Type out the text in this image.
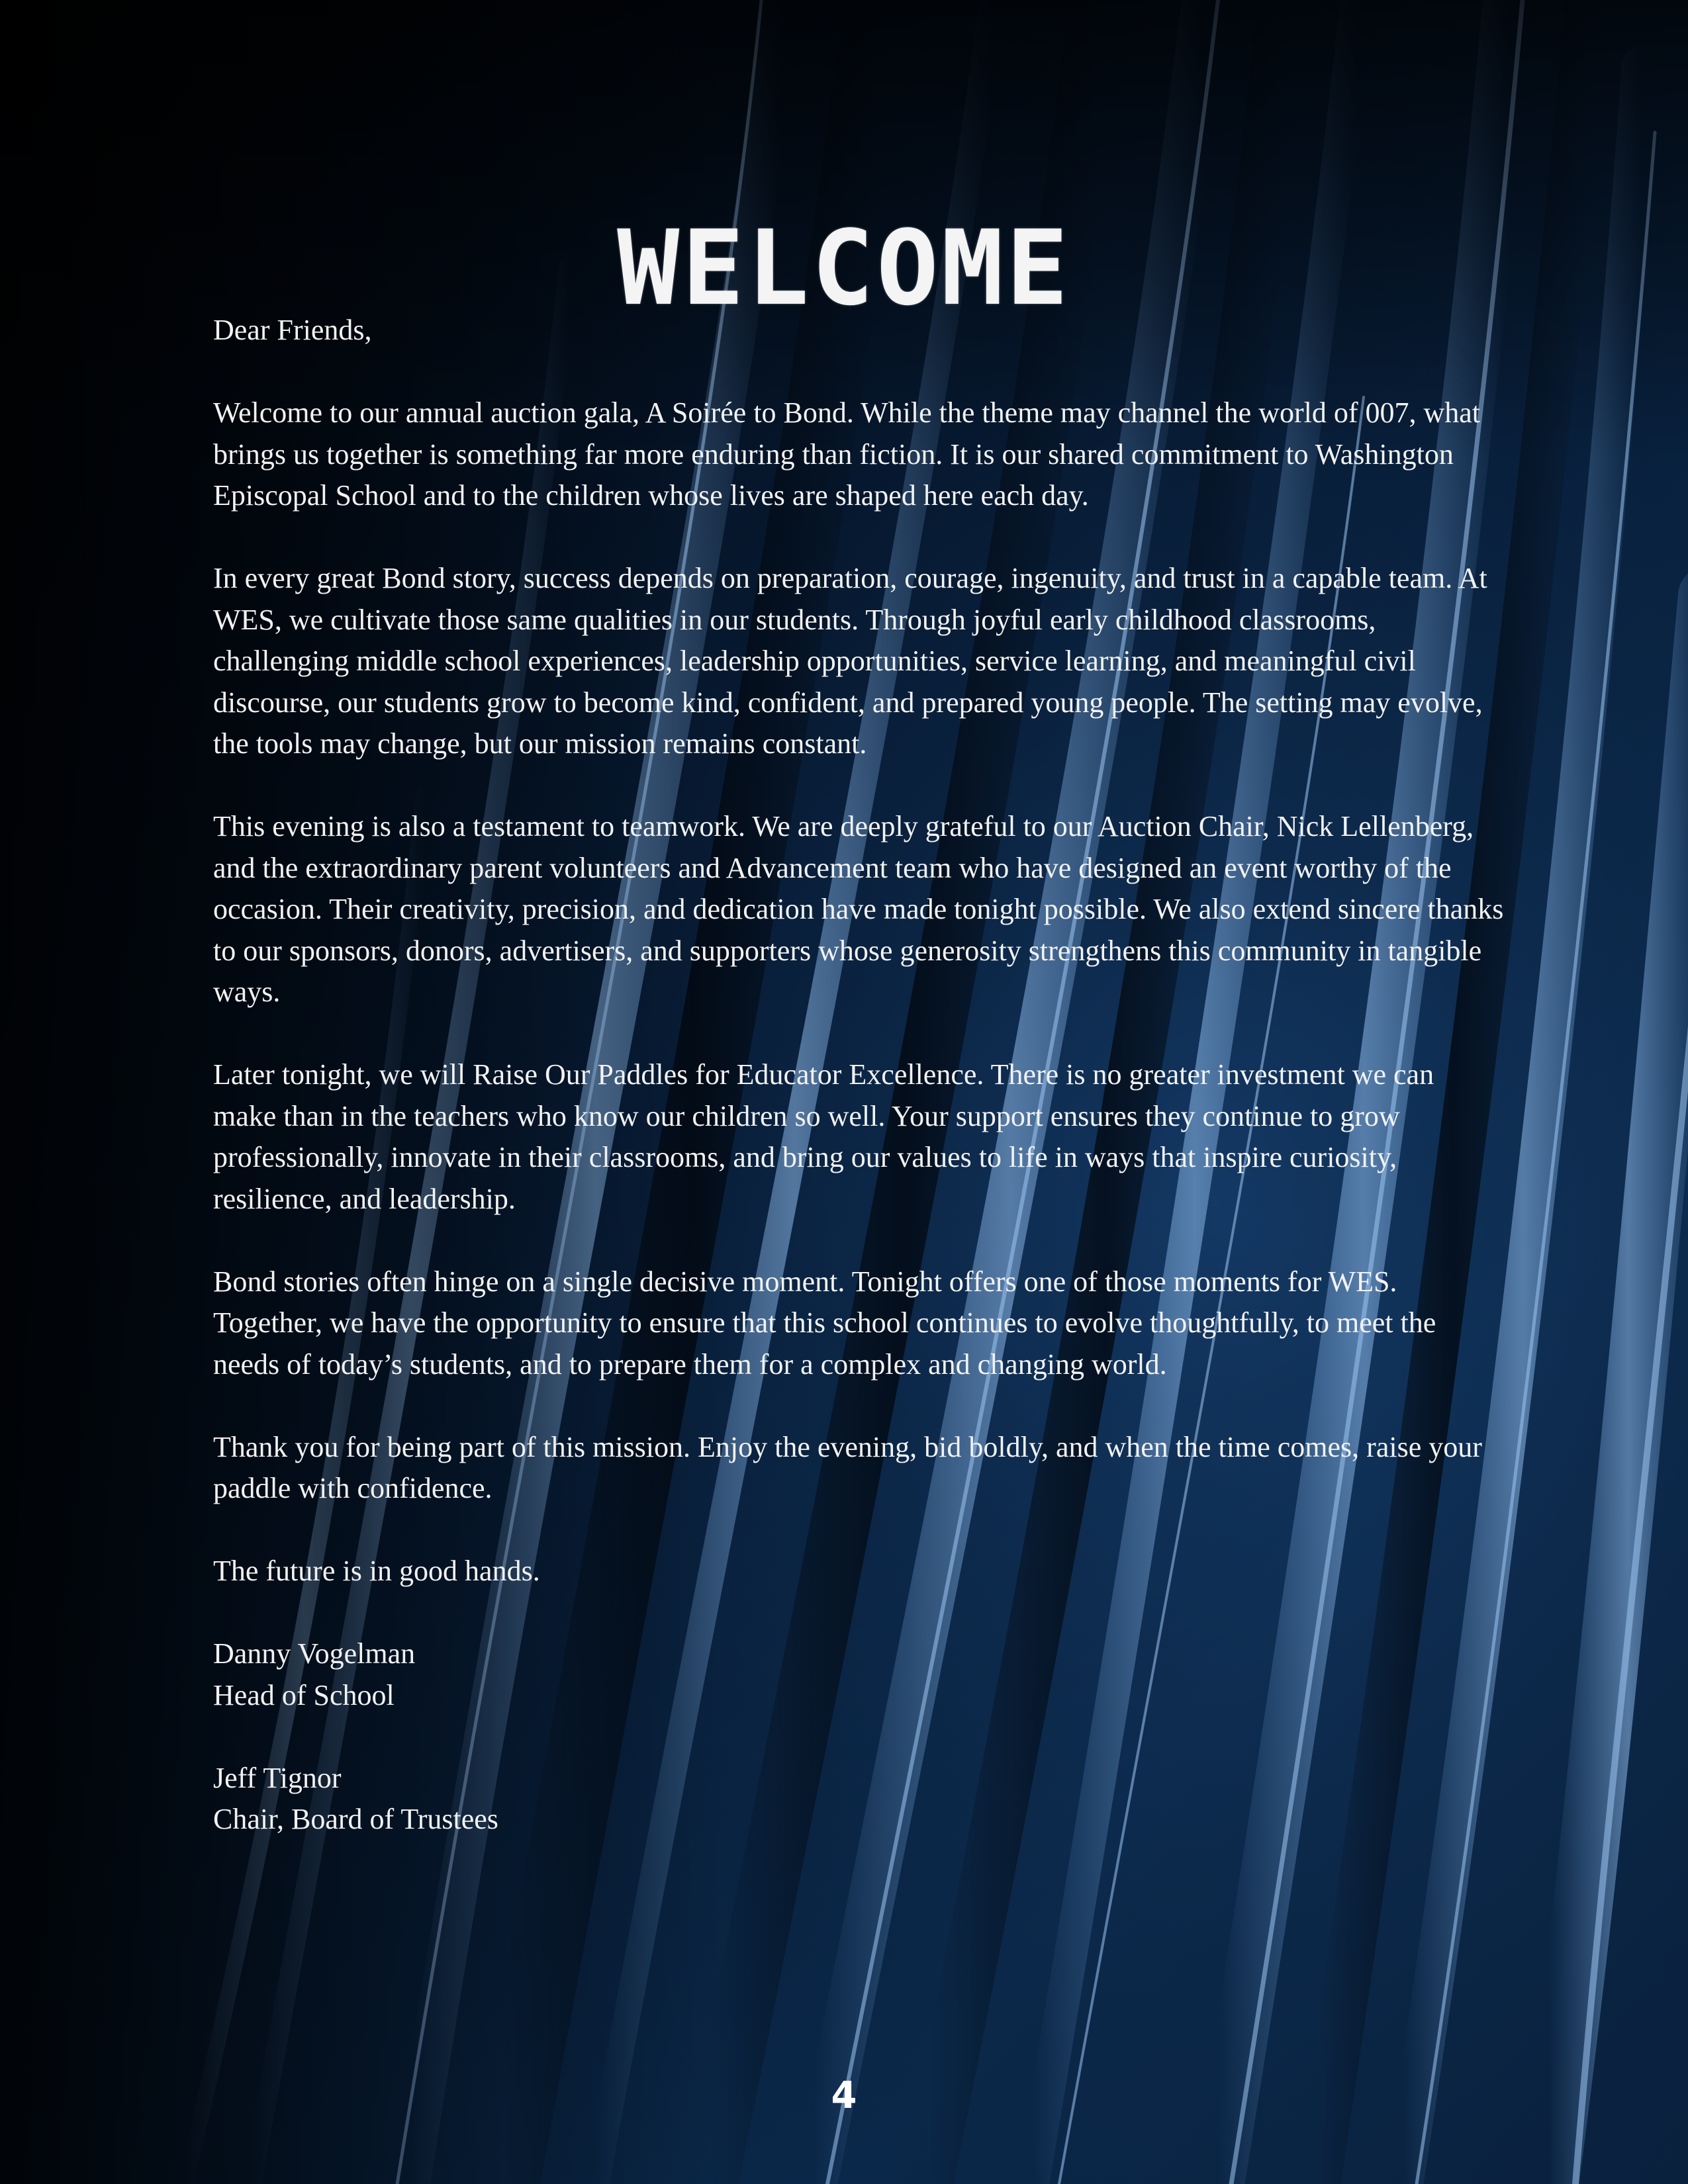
WELCOME

Dear Friends,

Welcome to our annual auction gala, A Soirée to Bond. While the theme may channel the world of 007, what brings us together is something far more enduring than fiction. It is our shared commitment to Washington Episcopal School and to the children whose lives are shaped here each day.

In every great Bond story, success depends on preparation, courage, ingenuity, and trust in a capable team. At WES, we cultivate those same qualities in our students. Through joyful early childhood classrooms, challenging middle school experiences, leadership opportunities, service learning, and meaningful civil discourse, our students grow to become kind, confident, and prepared young people. The setting may evolve, the tools may change, but our mission remains constant.

This evening is also a testament to teamwork. We are deeply grateful to our Auction Chair, Nick Lellenberg, and the extraordinary parent volunteers and Advancement team who have designed an event worthy of the occasion. Their creativity, precision, and dedication have made tonight possible. We also extend sincere thanks to our sponsors, donors, advertisers, and supporters whose generosity strengthens this community in tangible ways.

Later tonight, we will Raise Our Paddles for Educator Excellence. There is no greater investment we can make than in the teachers who know our children so well. Your support ensures they continue to grow professionally, innovate in their classrooms, and bring our values to life in ways that inspire curiosity, resilience, and leadership.

Bond stories often hinge on a single decisive moment. Tonight offers one of those moments for WES. Together, we have the opportunity to ensure that this school continues to evolve thoughtfully, to meet the needs of today’s students, and to prepare them for a complex and changing world.

Thank you for being part of this mission. Enjoy the evening, bid boldly, and when the time comes, raise your paddle with confidence.

The future is in good hands.

Danny Vogelman
Head of School

Jeff Tignor
Chair, Board of Trustees

4
